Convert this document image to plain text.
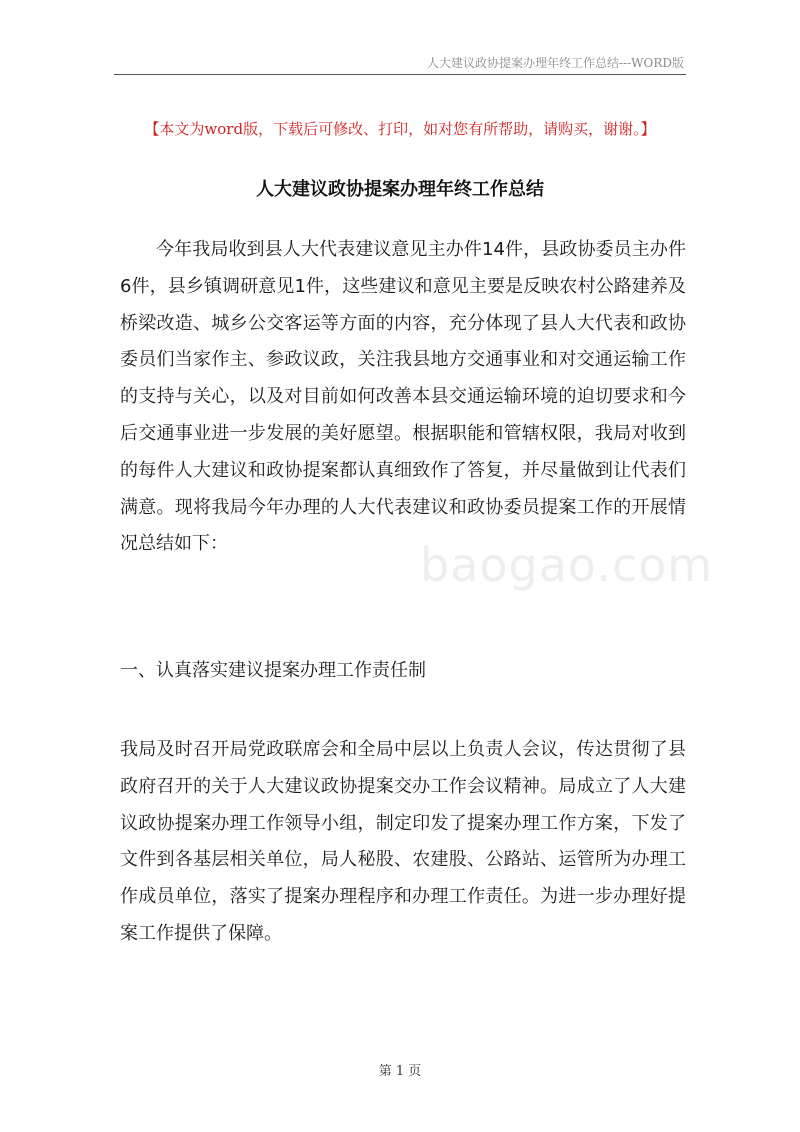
人大建议政协提案办理年终工作总结---WORD版
【本文为word版，下载后可修改、打印，如对您有所帮助，请购买，谢谢。】
人大建议政协提案办理年终工作总结

今年我局收到县人大代表建议意见主办件14件，县政协委员主办件6件，县乡镇调研意见1件，这些建议和意见主要是反映农村公路建养及桥梁改造、城乡公交客运等方面的内容，充分体现了县人大代表和政协委员们当家作主、参政议政，关注我县地方交通事业和对交通运输工作的支持与关心，以及对目前如何改善本县交通运输环境的迫切要求和今后交通事业进一步发展的美好愿望。根据职能和管辖权限，我局对收到的每件人大建议和政协提案都认真细致作了答复，并尽量做到让代表们满意。现将我局今年办理的人大代表建议和政协委员提案工作的开展情况总结如下：	baogao.com

一、认真落实建议提案办理工作责任制

我局及时召开局党政联席会和全局中层以上负责人会议，传达贯彻了县政府召开的关于人大建议政协提案交办工作会议精神。局成立了人大建议政协提案办理工作领导小组，制定印发了提案办理工作方案，下发了文件到各基层相关单位，局人秘股、农建股、公路站、运管所为办理工作成员单位，落实了提案办理程序和办理工作责任。为进一步办理好提案工作提供了保障。

第 1 页
